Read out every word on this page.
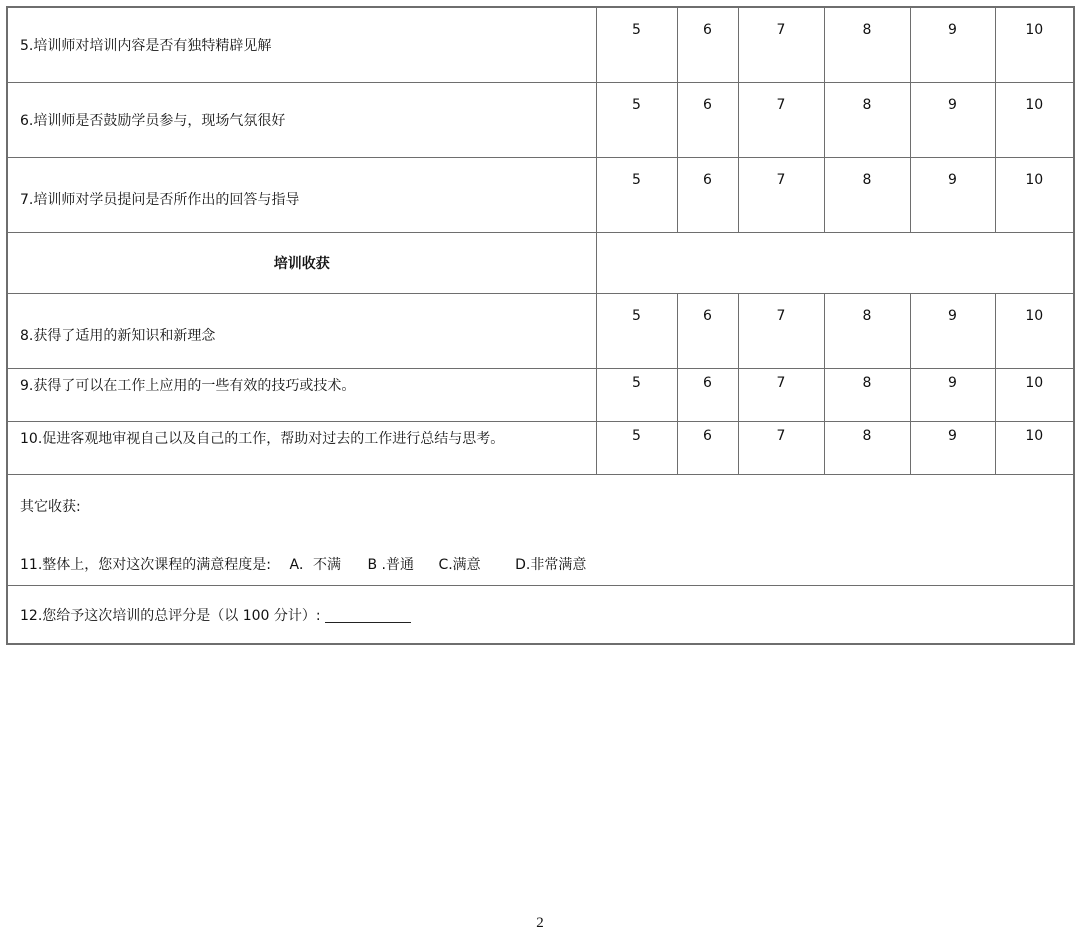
5.培训师对培训内容是否有独特精辟见解	5	6	7	8	9	10
6.培训师是否鼓励学员参与，现场气氛很好	5	6	7	8	9	10
7.培训师对学员提问是否所作出的回答与指导	5	6	7	8	9	10
培训收获						
8.获得了适用的新知识和新理念	5	6	7	8	9	10
9.获得了可以在工作上应用的一些有效的技巧或技术。	5	6	7	8	9	10
10.促进客观地审视自己以及自己的工作，帮助对过去的工作进行总结与思考。	5	6	7	8	9	10

其它收获:
11.整体上，您对这次课程的满意程度是: A．不满 B .普通 C.满意 D.非常满意						

12.您给予这次培训的总评分是（以 100 分计）:						
2
